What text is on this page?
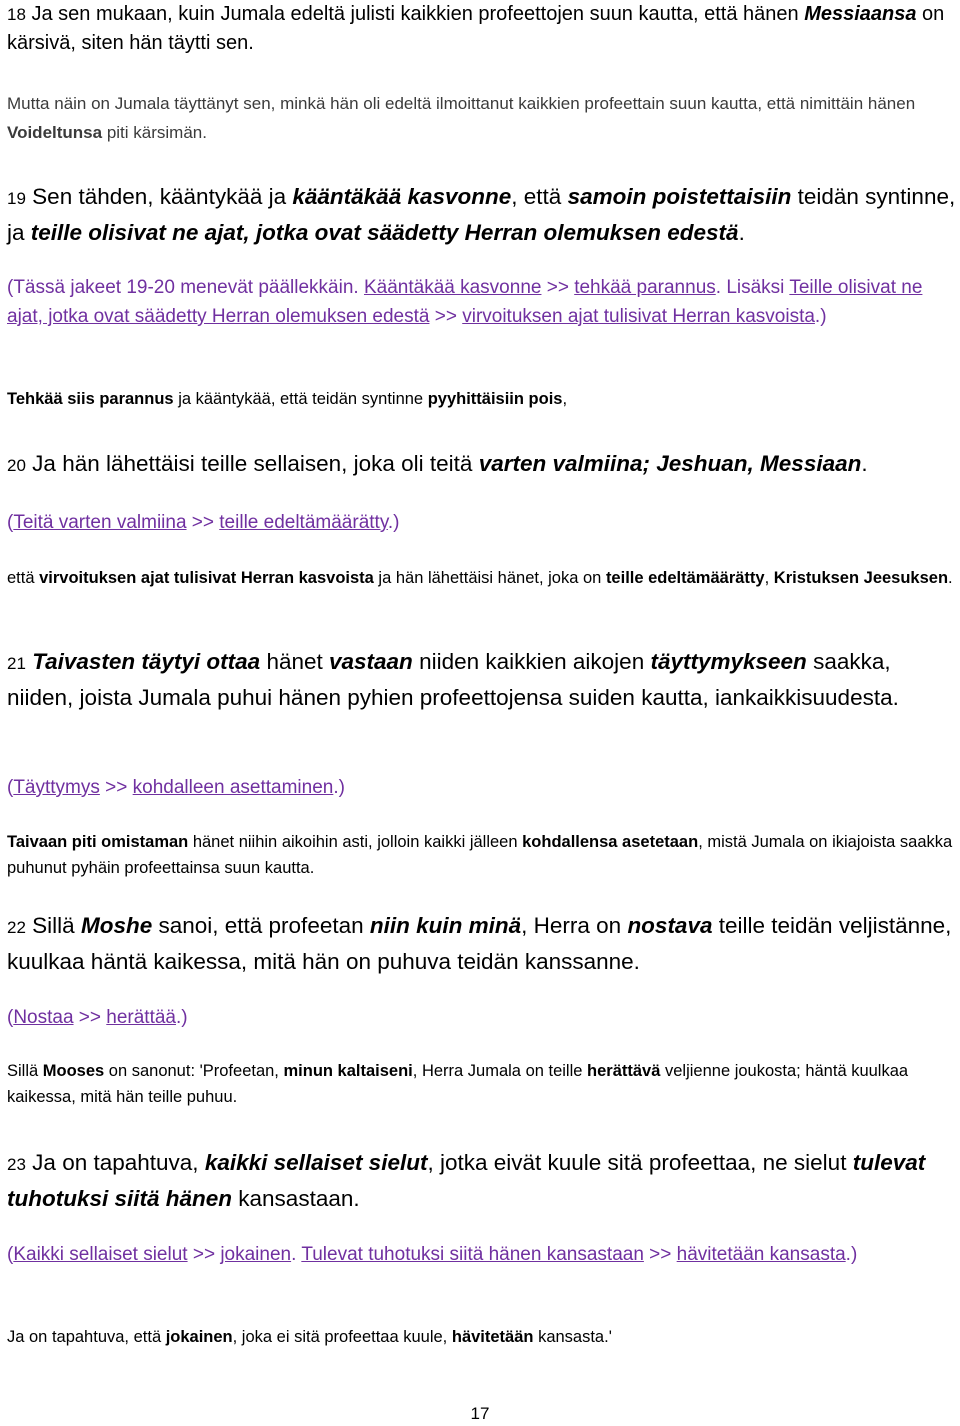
18 Ja sen mukaan, kuin Jumala edeltä julisti kaikkien profeettojen suun kautta, että hänen Messiaansa on kärsivä, siten hän täytti sen.

Mutta näin on Jumala täyttänyt sen, minkä hän oli edeltä ilmoittanut kaikkien profeettain suun kautta, että nimittäin hänen Voideltunsa piti kärsimän.

19 Sen tähden, kääntykää ja kääntäkää kasvonne, että samoin poistettaisiin teidän syntinne, ja teille olisivat ne ajat, jotka ovat säädetty Herran olemuksen edestä.

(Tässä jakeet 19-20 menevät päällekkäin. Kääntäkää kasvonne >> tehkää parannus. Lisäksi Teille olisivat ne ajat, jotka ovat säädetty Herran olemuksen edestä >> virvoituksen ajat tulisivat Herran kasvoista.)

Tehkää siis parannus ja kääntykää, että teidän syntinne pyyhittäisiin pois,

20 Ja hän lähettäisi teille sellaisen, joka oli teitä varten valmiina; Jeshuan, Messiaan.

(Teitä varten valmiina >> teille edeltämäärätty.)

että virvoituksen ajat tulisivat Herran kasvoista ja hän lähettäisi hänet, joka on teille edeltämäärätty, Kristuksen Jeesuksen.

21 Taivasten täytyi ottaa hänet vastaan niiden kaikkien aikojen täyttymykseen saakka, niiden, joista Jumala puhui hänen pyhien profeettojensa suiden kautta, iankaikkisuudesta.

(Täyttymys >> kohdalleen asettaminen.)

Taivaan piti omistaman hänet niihin aikoihin asti, jolloin kaikki jälleen kohdallensa asetetaan, mistä Jumala on ikiajoista saakka puhunut pyhäin profeettainsa suun kautta.

22 Sillä Moshe sanoi, että profeetan niin kuin minä, Herra on nostava teille teidän veljistänne, kuulkaa häntä kaikessa, mitä hän on puhuva teidän kanssanne.

(Nostaa >> herättää.)

Sillä Mooses on sanonut: 'Profeetan, minun kaltaiseni, Herra Jumala on teille herättävä veljienne joukosta; häntä kuulkaa kaikessa, mitä hän teille puhuu.

23 Ja on tapahtuva, kaikki sellaiset sielut, jotka eivät kuule sitä profeettaa, ne sielut tulevat tuhotuksi siitä hänen kansastaan.

(Kaikki sellaiset sielut >> jokainen. Tulevat tuhotuksi siitä hänen kansastaan >> hävitetään kansasta.)

Ja on tapahtuva, että jokainen, joka ei sitä profeettaa kuule, hävitetään kansasta.'

17
